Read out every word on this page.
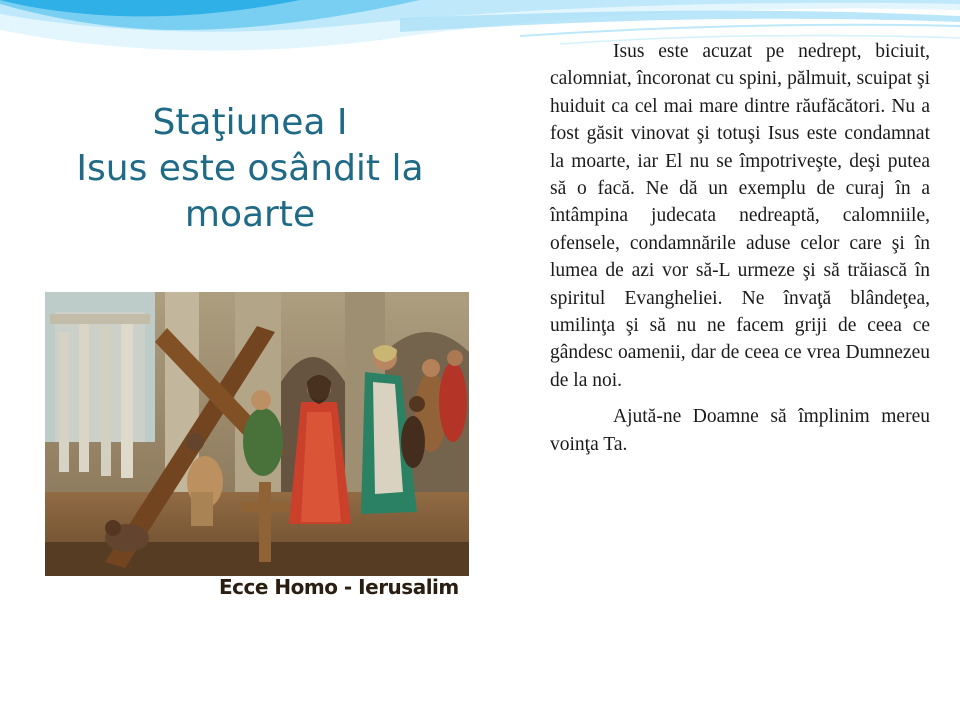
Staţiunea I
Isus este osândit la
moarte
Ecce Homo - Ierusalim

Isus este acuzat pe nedrept, biciuit, calomniat, încoronat cu spini, pălmuit, scuipat şi huiduit ca cel mai mare dintre răufăcători. Nu a fost găsit vinovat şi totuşi Isus este condamnat la moarte, iar El nu se împotriveşte, deşi putea să o facă. Ne dă un exemplu de curaj în a întâmpina judecata nedreaptă, calomniile, ofensele, condamnările aduse celor care şi în lumea de azi vor să-L urmeze şi să trăiască în spiritul Evangheliei. Ne învaţă blândeţea, umilinţa şi să nu ne facem griji de ceea ce gândesc oamenii, dar de ceea ce vrea Dumnezeu de la noi.

Ajută-ne Doamne să împlinim mereu voinţa Ta.
